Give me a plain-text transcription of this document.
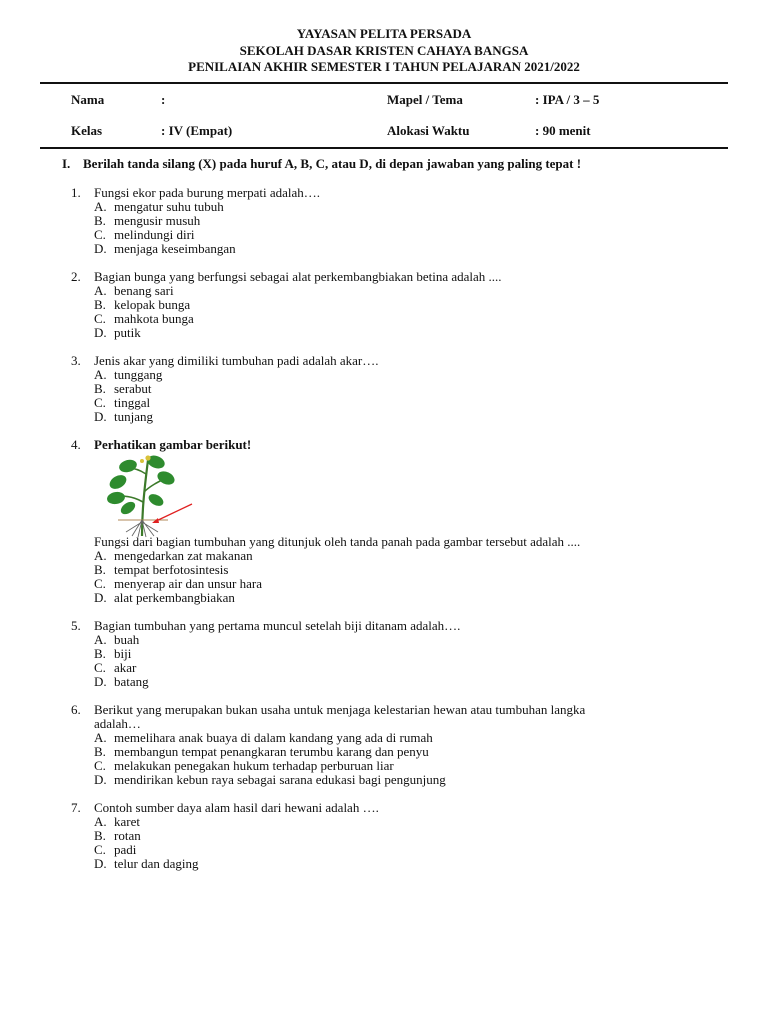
YAYASAN PELITA PERSADA
SEKOLAH DASAR KRISTEN CAHAYA BANGSA
PENILAIAN AKHIR SEMESTER I TAHUN PELAJARAN 2021/2022
Nama	:	Mapel / Tema	: IPA / 3 – 5
Kelas	: IV (Empat)	Alokasi Waktu	: 90 menit
I. Berilah tanda silang (X) pada huruf A, B, C, atau D, di depan jawaban yang paling tepat !
1. Fungsi ekor pada burung merpati adalah….
A. mengatur suhu tubuh
B. mengusir musuh
C. melindungi diri
D. menjaga keseimbangan
2. Bagian bunga yang berfungsi sebagai alat perkembangbiakan betina adalah ....
A. benang sari
B. kelopak bunga
C. mahkota bunga
D. putik
3. Jenis akar yang dimiliki tumbuhan padi adalah akar….
A. tunggang
B. serabut
C. tinggal
D. tunjang
4. Perhatikan gambar berikut!
Fungsi dari bagian tumbuhan yang ditunjuk oleh tanda panah pada gambar tersebut adalah ....
A. mengedarkan zat makanan
B. tempat berfotosintesis
C. menyerap air dan unsur hara
D. alat perkembangbiakan
5. Bagian tumbuhan yang pertama muncul setelah biji ditanam adalah….
A. buah
B. biji
C. akar
D. batang
6. Berikut yang merupakan bukan usaha untuk menjaga kelestarian hewan atau tumbuhan langka
adalah…
A. memelihara anak buaya di dalam kandang yang ada di rumah
B. membangun tempat penangkaran terumbu karang dan penyu
C. melakukan penegakan hukum terhadap perburuan liar
D. mendirikan kebun raya sebagai sarana edukasi bagi pengunjung
7. Contoh sumber daya alam hasil dari hewani adalah ….
A. karet
B. rotan
C. padi
D. telur dan daging
